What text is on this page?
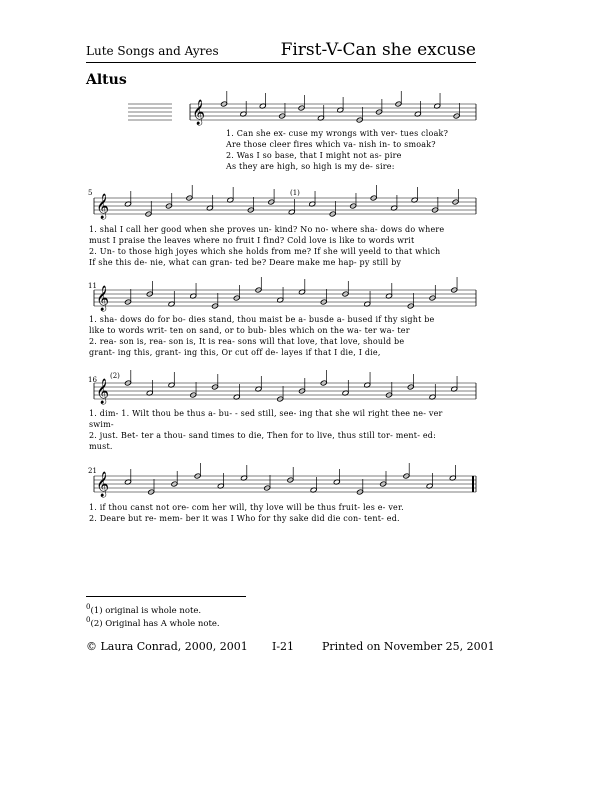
Lute Songs and Ayres	First-V-Can she excuse
Altus
𝄞
𝄞
𝄞
𝄞
𝄞
1. Can she ex- cuse my wrongs with ver- tues cloak?
Are those cleer fires which va- nish in- to smoak?
2. Was I so base, that I might not as- pire
As they are high, so high is my de- sire:
5	(1)
1. shal I call her good when she proves un- kind? No no- where sha- dows do where
must I praise the leaves where no fruit I find? Cold love is like to words writ
2. Un- to those high joyes which she holds from me? If she will yeeld to that which
If she this de- nie, what can gran- ted be? Deare make me hap- py still by
11
1. sha- dows do for bo- dies stand, thou maist be a- busde a- bused if thy sight be
like to words writ- ten on sand, or to bub- bles which on the wa- ter wa- ter
2. rea- son is, rea- son is, It is rea- sons will that love, that love, should be
grant- ing this, grant- ing this, Or cut off de- layes if that I die, I die,
16 (2)
1. dim- 1. Wilt thou be thus a- bu- - sed still, see- ing that she wil right thee ne- ver
swim-
2. just. Bet- ter a thou- sand times to die, Then for to live, thus still tor- ment- ed:
must.
21
1. if thou canst not ore- com her will, thy love will be thus fruit- les e- ver.
2. Deare but re- mem- ber it was I Who for thy sake did die con- tent- ed.
$^0$(1) original is whole note.
$^0$(2) Original has A whole note.
© Laura Conrad, 2000, 2001 I-21	Printed on November 25, 2001
